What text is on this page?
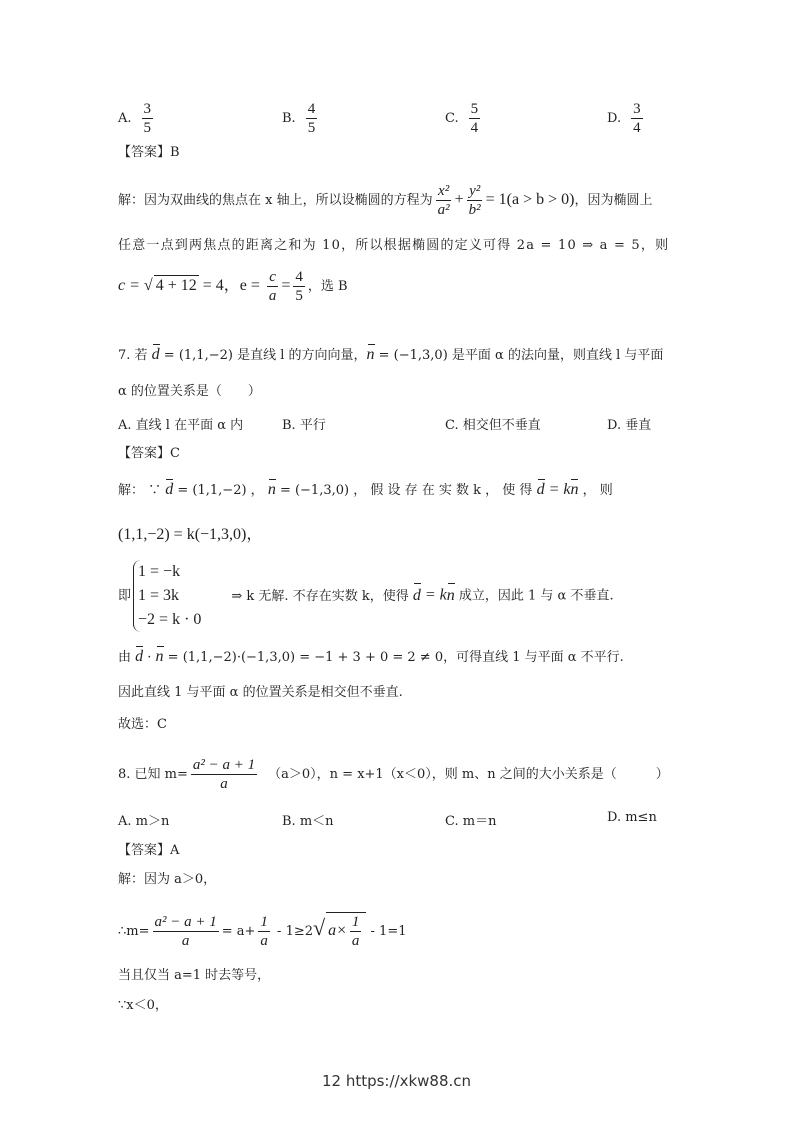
A. $\frac{3}{5}$	B. $\frac{4}{5}$	C. $\frac{5}{4}$	D. $\frac{3}{4}$
【答案】B
解：因为双曲线的焦点在 x 轴上，所以设椭圆的方程为 $\frac{\text{x²}}{\text{a²}} + \frac{\text{y²}}{\text{b²}} = 1(a > b > 0)$，因为椭圆上
任意一点到两焦点的距离之和为 10，所以根据椭圆的定义可得 2a = 10 ⇒ a = 5，则
c = √ 4 + 12 = 4，$e = \frac{c}{a} = \frac{4}{5}$ ，选 B
7. 若 d = (1,1,−2) 是直线 l 的方向向量，n = (−1,3,0) 是平面 α 的法向量，则直线 l 与平面
α 的位置关系是（　　）
A. 直线 l 在平面 α 内	B. 平行	C. 相交但不垂直	D. 垂直
【答案】C
解： ∵ d = (1,1,−2) ， n = (−1,3,0) ， 假 设 存 在 实 数 k ， 使 得 d = kn ， 则
(1,1,−2) = k(−1,3,0)，
即
1 = −k
1 = 3k
−2 = k · 0
⇒ k 无解. 不存在实数 k，使得 d = kn 成立，因此 1 与 α 不垂直.
由 d · n = (1,1,−2)·(−1,3,0) = −1 + 3 + 0 = 2 ≠ 0，可得直线 1 与平面 α 不平行.
因此直线 1 与平面 α 的位置关系是相交但不垂直.
故选：C
8. 已知 $m= \frac{\text{a² − a + 1}}{a} (a>0)$，n = x+1（x＜0），则 m、n 之间的大小关系是（　　　）
A. m＞n	B. m＜n	C. m＝n	D. m≤n
【答案】A
解：因为 a＞0，
∴m= $\frac{\text{a² − a + 1}}{a} = a+ \frac{1}{a} - 1\ge 2√$ $a\times \frac{1}{a} - 1=1$
当且仅当 a=1 时去等号，
∵x＜0，
12 https://xkw88.cn
